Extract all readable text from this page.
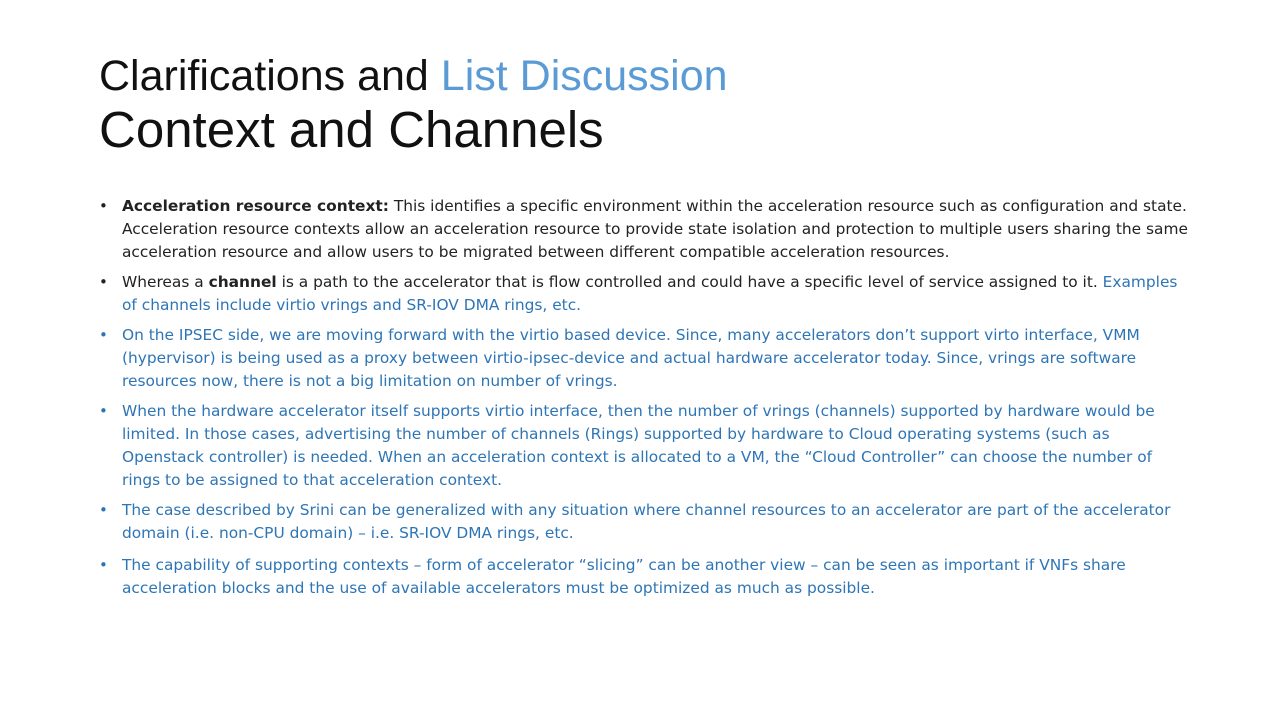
Clarifications and List Discussion
Context and Channels
• Acceleration resource context: This identifies a specific environment within the acceleration resource such as configuration and state. Acceleration resource contexts allow an acceleration resource to provide state isolation and protection to multiple users sharing the same acceleration resource and allow users to be migrated between different compatible acceleration resources.
• Whereas a channel is a path to the accelerator that is flow controlled and could have a specific level of service assigned to it. Examples of channels include virtio vrings and SR-IOV DMA rings, etc.
• On the IPSEC side, we are moving forward with the virtio based device. Since, many accelerators don’t support virto interface, VMM (hypervisor) is being used as a proxy between virtio-ipsec-device and actual hardware accelerator today. Since, vrings are software resources now, there is not a big limitation on number of vrings.
• When the hardware accelerator itself supports virtio interface, then the number of vrings (channels) supported by hardware would be limited. In those cases, advertising the number of channels (Rings) supported by hardware to Cloud operating systems (such as Openstack controller) is needed. When an acceleration context is allocated to a VM, the “Cloud Controller” can choose the number of rings to be assigned to that acceleration context.
• The case described by Srini can be generalized with any situation where channel resources to an accelerator are part of the accelerator domain (i.e. non-CPU domain) – i.e. SR-IOV DMA rings, etc.
• The capability of supporting contexts – form of accelerator “slicing” can be another view – can be seen as important if VNFs share acceleration blocks and the use of available accelerators must be optimized as much as possible.
